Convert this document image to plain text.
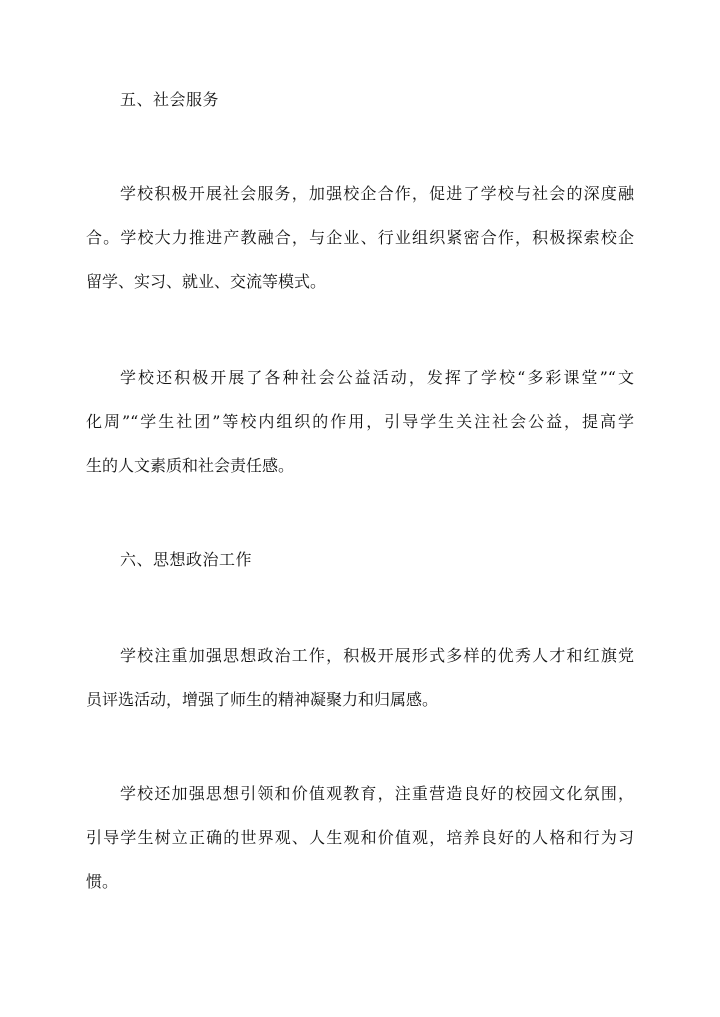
五、社会服务
学校积极开展社会服务，加强校企合作，促进了学校与社会的深度融
合。学校大力推进产教融合，与企业、行业组织紧密合作，积极探索校企
留学、实习、就业、交流等模式。
学校还积极开展了各种社会公益活动，发挥了学校“多彩课堂”“文
化周”“学生社团”等校内组织的作用，引导学生关注社会公益，提高学
生的人文素质和社会责任感。
六、思想政治工作
学校注重加强思想政治工作，积极开展形式多样的优秀人才和红旗党
员评选活动，增强了师生的精神凝聚力和归属感。
学校还加强思想引领和价值观教育，注重营造良好的校园文化氛围，
引导学生树立正确的世界观、人生观和价值观，培养良好的人格和行为习
惯。
